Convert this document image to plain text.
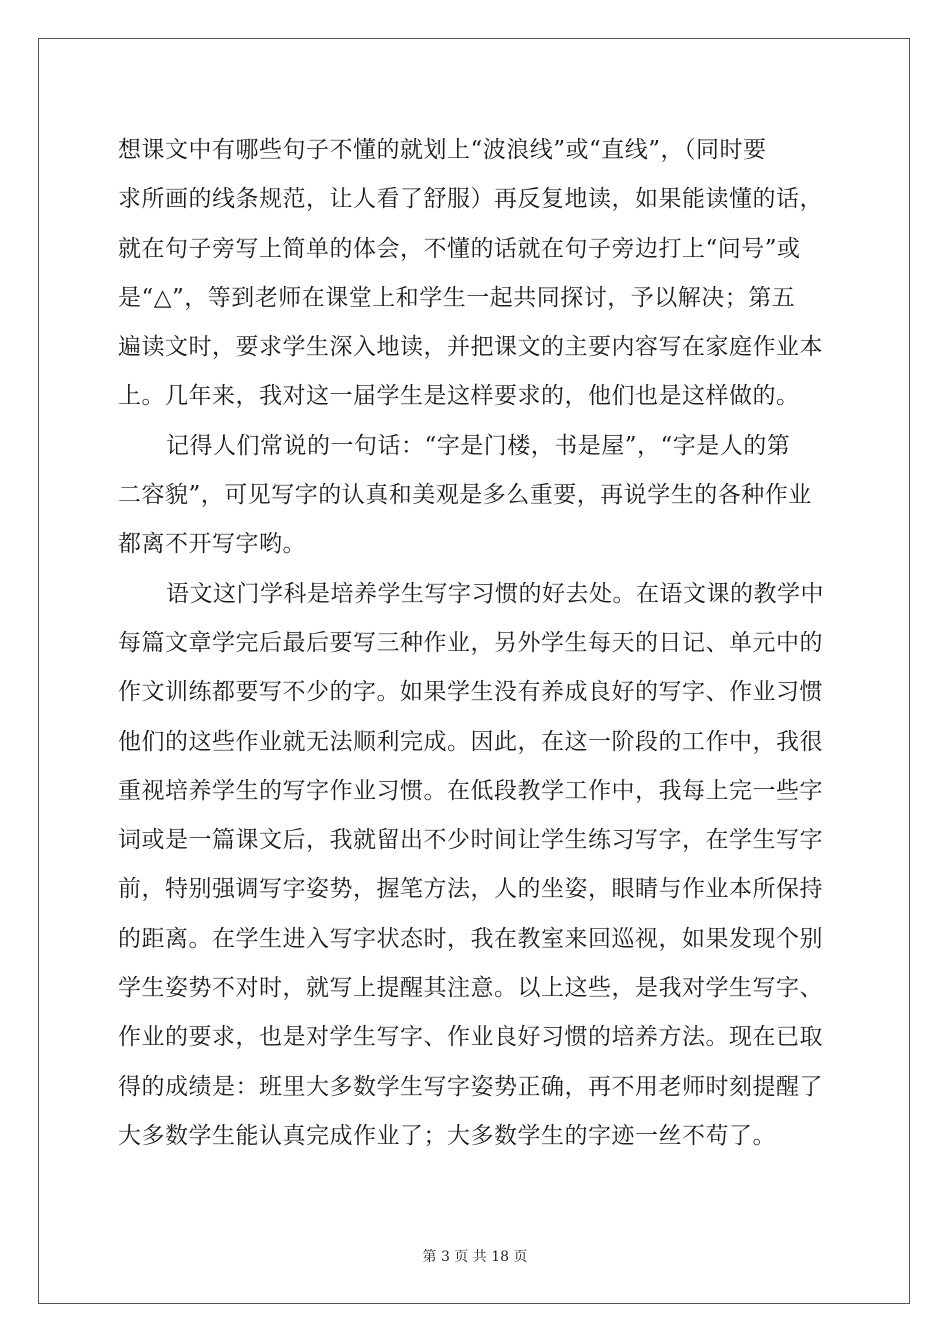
想课文中有哪些句子不懂的就划上“波浪线”或“直线”，（同时要
求所画的线条规范，让人看了舒服）再反复地读，如果能读懂的话，
就在句子旁写上简单的体会，不懂的话就在句子旁边打上“问号”或
是“△”，等到老师在课堂上和学生一起共同探讨，予以解决；第五
遍读文时，要求学生深入地读，并把课文的主要内容写在家庭作业本
上。几年来，我对这一届学生是这样要求的，他们也是这样做的。
记得人们常说的一句话：“字是门楼，书是屋”，“字是人的第
二容貌”，可见写字的认真和美观是多么重要，再说学生的各种作业
都离不开写字哟。
语文这门学科是培养学生写字习惯的好去处。在语文课的教学中
每篇文章学完后最后要写三种作业，另外学生每天的日记、单元中的
作文训练都要写不少的字。如果学生没有养成良好的写字、作业习惯
他们的这些作业就无法顺利完成。因此，在这一阶段的工作中，我很
重视培养学生的写字作业习惯。在低段教学工作中，我每上完一些字
词或是一篇课文后，我就留出不少时间让学生练习写字，在学生写字
前，特别强调写字姿势，握笔方法，人的坐姿，眼睛与作业本所保持
的距离。在学生进入写字状态时，我在教室来回巡视，如果发现个别
学生姿势不对时，就写上提醒其注意。以上这些，是我对学生写字、
作业的要求，也是对学生写字、作业良好习惯的培养方法。现在已取
得的成绩是：班里大多数学生写字姿势正确，再不用老师时刻提醒了
大多数学生能认真完成作业了；大多数学生的字迹一丝不苟了。
第 3 页 共 18 页
